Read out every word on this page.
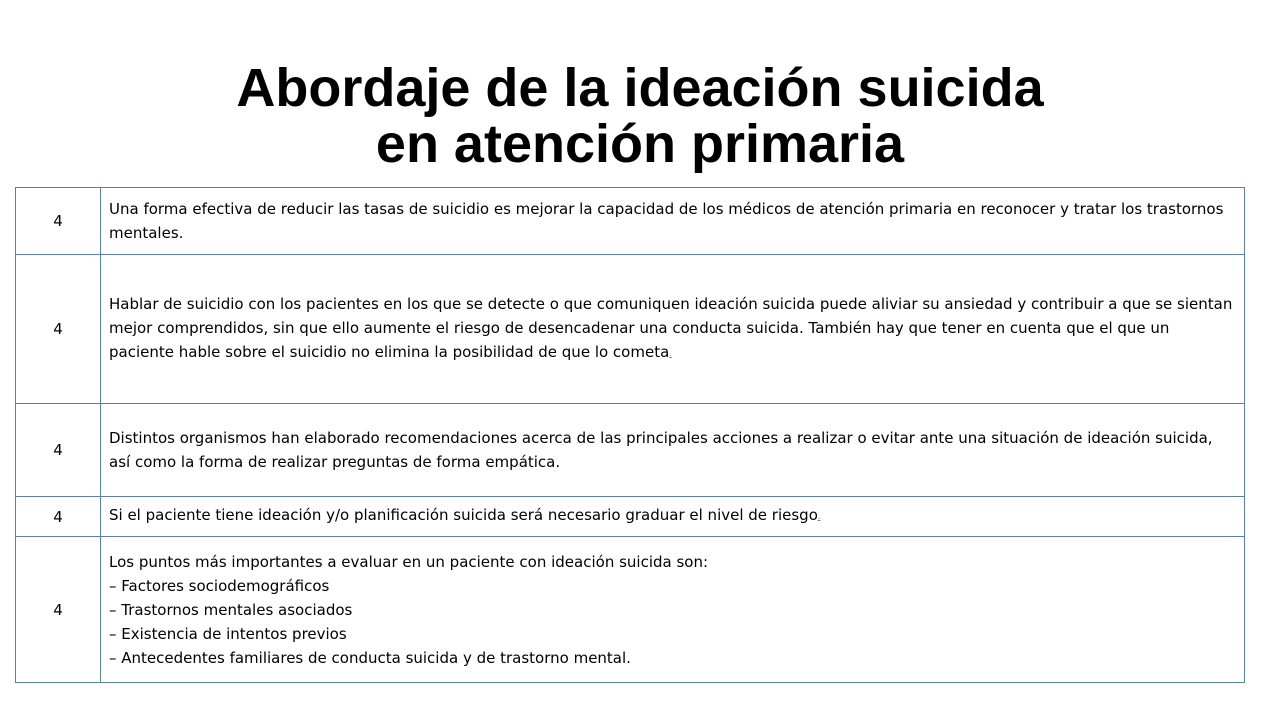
Abordaje de la ideación suicida
en atención primaria
4	Una forma efectiva de reducir las tasas de suicidio es mejorar la capacidad de los médicos de atención primaria en reconocer y tratar los trastornos mentales.
4	Hablar de suicidio con los pacientes en los que se detecte o que comuniquen ideación suicida puede aliviar su ansiedad y contribuir a que se sientan mejor comprendidos, sin que ello aumente el riesgo de desencadenar una conducta suicida. También hay que tener en cuenta que el que un paciente hable sobre el suicidio no elimina la posibilidad de que lo cometa.
4	Distintos organismos han elaborado recomendaciones acerca de las principales acciones a realizar o evitar ante una situación de ideación suicida, así como la forma de realizar preguntas de forma empática.
4	Si el paciente tiene ideación y/o planificación suicida será necesario graduar el nivel de riesgo.
4	Los puntos más importantes a evaluar en un paciente con ideación suicida son:
– Factores sociodemográficos
– Trastornos mentales asociados
– Existencia de intentos previos
– Antecedentes familiares de conducta suicida y de trastorno mental.
